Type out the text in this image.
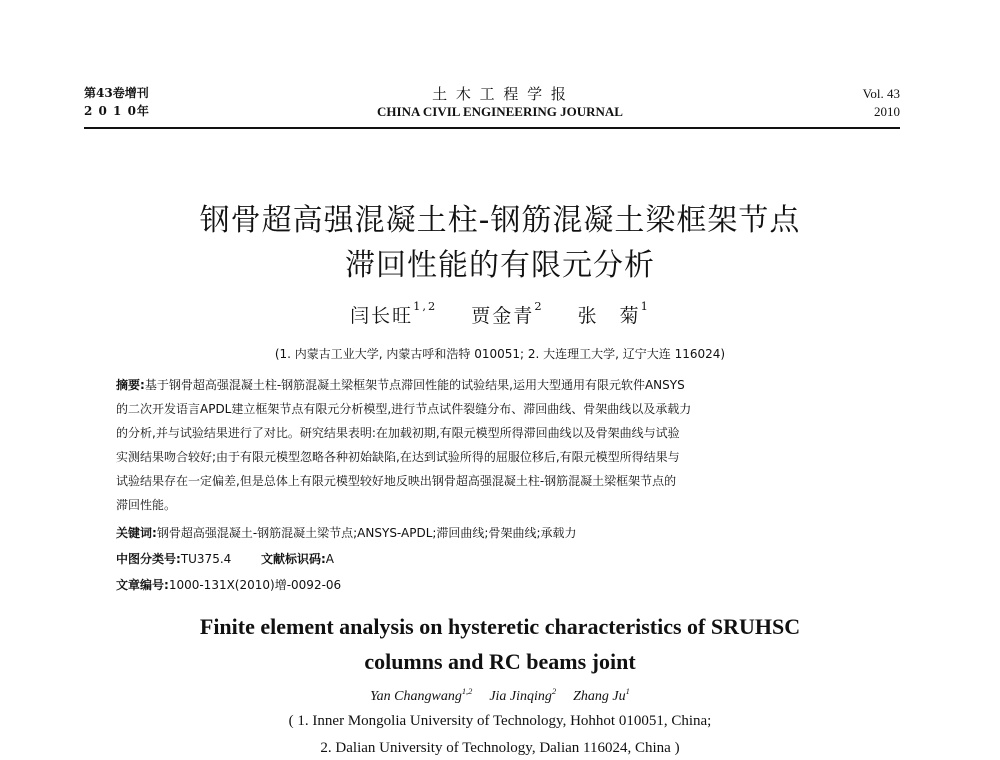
第43卷增刊
2 0 1 0年
土 木 工 程 学 报
CHINA CIVIL ENGINEERING JOURNAL
Vol. 43
2010
钢骨超高强混凝土柱-钢筋混凝土梁框架节点
滞回性能的有限元分析
闫长旺$^{1,2}$ 贾金青$^2$ 张　菊$^1$
(1. 内蒙古工业大学, 内蒙古呼和浩特 010051; 2. 大连理工大学, 辽宁大连 116024)
摘要:基于钢骨超高强混凝土柱-钢筋混凝土梁框架节点滞回性能的试验结果,运用大型通用有限元软件ANSYS
的二次开发语言APDL建立框架节点有限元分析模型,进行节点试件裂缝分布、滞回曲线、骨架曲线以及承载力
的分析,并与试验结果进行了对比。研究结果表明:在加载初期,有限元模型所得滞回曲线以及骨架曲线与试验
实测结果吻合较好;由于有限元模型忽略各种初始缺陷,在达到试验所得的屈服位移后,有限元模型所得结果与
试验结果存在一定偏差,但是总体上有限元模型较好地反映出钢骨超高强混凝土柱-钢筋混凝土梁框架节点的
滞回性能。
关键词:钢骨超高强混凝土-钢筋混凝土梁节点;ANSYS-APDL;滞回曲线;骨架曲线;承载力
中图分类号:TU375.4 文献标识码:A
文章编号:1000-131X(2010)增-0092-06
Finite element analysis on hysteretic characteristics of SRUHSC
columns and RC beams joint
Yan Changwang$^{1,2}$ Jia Jinqing$^2$ Zhang Ju$^1$
( 1. Inner Mongolia University of Technology, Hohhot 010051, China;
2. Dalian University of Technology, Dalian 116024, China )
